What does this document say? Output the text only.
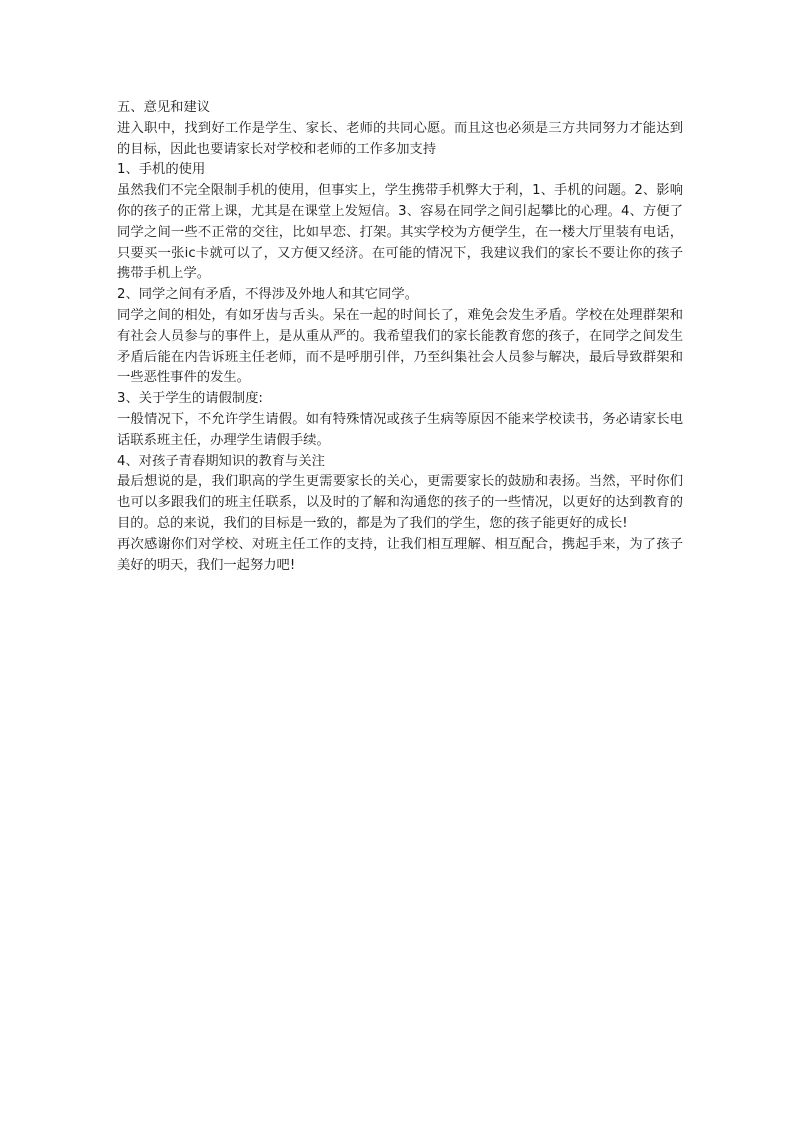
五、意见和建议

进入职中，找到好工作是学生、家长、老师的共同心愿。而且这也必须是三方共同努力才能达到的目标，因此也要请家长对学校和老师的工作多加支持

1、手机的使用

虽然我们不完全限制手机的使用，但事实上，学生携带手机弊大于利，1、手机的问题。2、影响你的孩子的正常上课，尤其是在课堂上发短信。3、容易在同学之间引起攀比的心理。4、方便了同学之间一些不正常的交往，比如早恋、打架。其实学校为方便学生，在一楼大厅里装有电话，只要买一张ic卡就可以了，又方便又经济。在可能的情况下，我建议我们的家长不要让你的孩子携带手机上学。

2、同学之间有矛盾，不得涉及外地人和其它同学。

同学之间的相处，有如牙齿与舌头。呆在一起的时间长了，难免会发生矛盾。学校在处理群架和有社会人员参与的事件上，是从重从严的。我希望我们的家长能教育您的孩子，在同学之间发生矛盾后能在内告诉班主任老师，而不是呼朋引伴，乃至纠集社会人员参与解决，最后导致群架和一些恶性事件的发生。

3、关于学生的请假制度:

一般情况下，不允许学生请假。如有特殊情况或孩子生病等原因不能来学校读书，务必请家长电话联系班主任，办理学生请假手续。

4、对孩子青春期知识的教育与关注

最后想说的是，我们职高的学生更需要家长的关心，更需要家长的鼓励和表扬。当然，平时你们也可以多跟我们的班主任联系，以及时的了解和沟通您的孩子的一些情况，以更好的达到教育的目的。总的来说，我们的目标是一致的，都是为了我们的学生，您的孩子能更好的成长!

再次感谢你们对学校、对班主任工作的支持，让我们相互理解、相互配合，携起手来，为了孩子美好的明天，我们一起努力吧!
